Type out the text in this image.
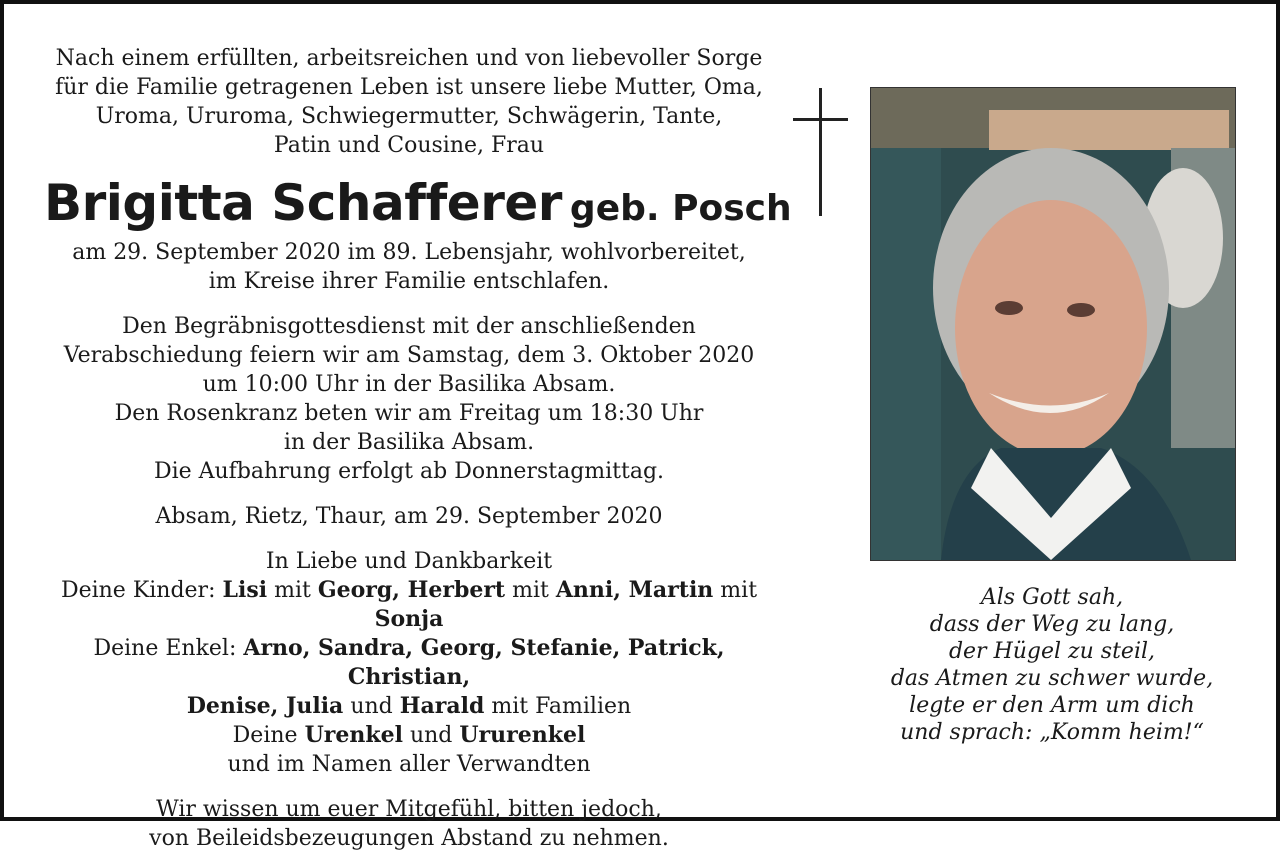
Nach einem erfüllten, arbeitsreichen und von liebevoller Sorge
für die Familie getragenen Leben ist unsere liebe Mutter, Oma,
Uroma, Ururoma, Schwiegermutter, Schwägerin, Tante,
Patin und Cousine, Frau
Brigitta Schafferer geb. Posch
am 29. September 2020 im 89. Lebensjahr, wohlvorbereitet,
im Kreise ihrer Familie entschlafen.
Den Begräbnisgottesdienst mit der anschließenden
Verabschiedung feiern wir am Samstag, dem 3. Oktober 2020
um 10:00 Uhr in der Basilika Absam.
Den Rosenkranz beten wir am Freitag um 18:30 Uhr
in der Basilika Absam.
Die Aufbahrung erfolgt ab Donnerstagmittag.
Absam, Rietz, Thaur, am 29. September 2020
In Liebe und Dankbarkeit
Deine Kinder: Lisi mit Georg, Herbert mit Anni, Martin mit Sonja
Deine Enkel: Arno, Sandra, Georg, Stefanie, Patrick, Christian,
Denise, Julia und Harald mit Familien
Deine Urenkel und Ururenkel
und im Namen aller Verwandten
Wir wissen um euer Mitgefühl, bitten jedoch,
von Beileidsbezeugungen Abstand zu nehmen.
Als Gott sah,
dass der Weg zu lang,
der Hügel zu steil,
das Atmen zu schwer wurde,
legte er den Arm um dich
und sprach: „Komm heim!“
